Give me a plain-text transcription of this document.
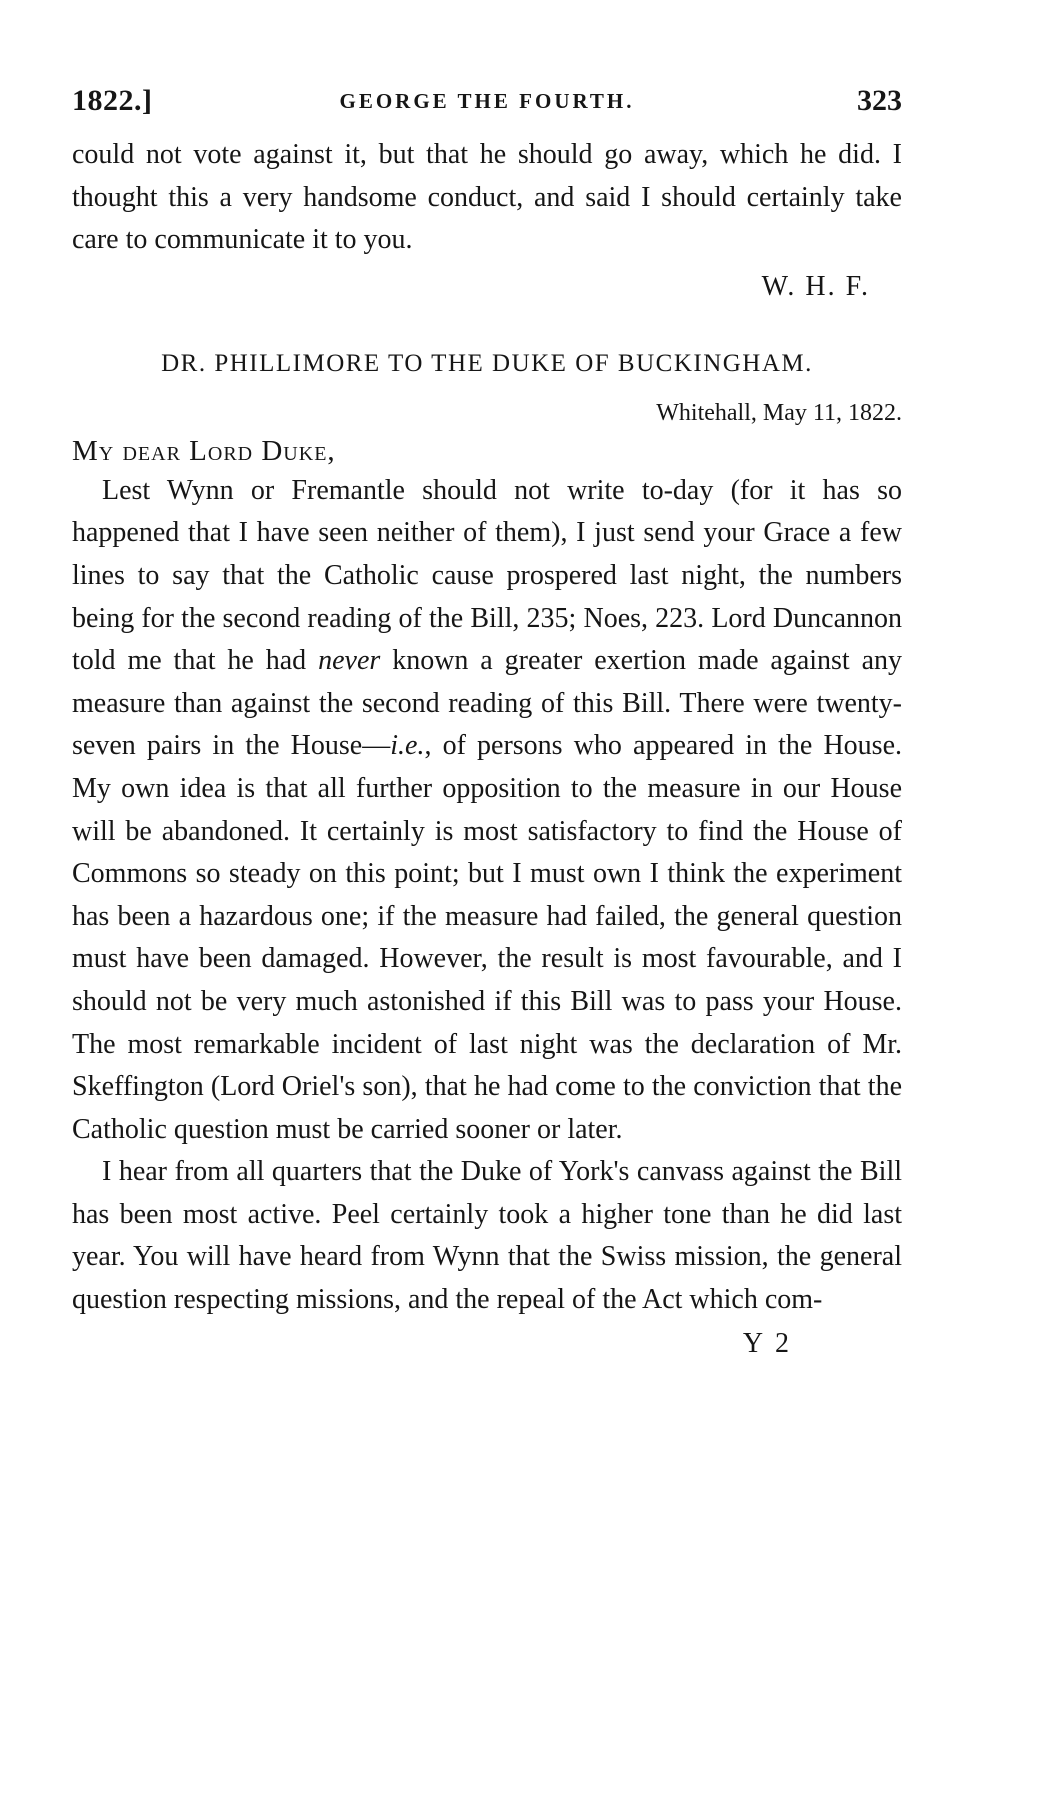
1822.]	GEORGE THE FOURTH.	323

could not vote against it, but that he should go away, which he did. I thought this a very handsome conduct, and said I should certainly take care to communicate it to you.

W. H. F.
DR. PHILLIMORE TO THE DUKE OF BUCKINGHAM.
Whitehall, May 11, 1822.
My dear Lord Duke,

Lest Wynn or Fremantle should not write to-day (for it has so happened that I have seen neither of them), I just send your Grace a few lines to say that the Catholic cause prospered last night, the numbers being for the second reading of the Bill, 235; Noes, 223. Lord Duncannon told me that he had never known a greater exertion made against any measure than against the second reading of this Bill. There were twenty-seven pairs in the House—i.e., of persons who appeared in the House. My own idea is that all further opposition to the measure in our House will be abandoned. It certainly is most satisfactory to find the House of Commons so steady on this point; but I must own I think the experiment has been a hazardous one; if the measure had failed, the general question must have been damaged. However, the result is most favourable, and I should not be very much astonished if this Bill was to pass your House. The most remarkable incident of last night was the declaration of Mr. Skeffington (Lord Oriel's son), that he had come to the conviction that the Catholic question must be carried sooner or later.

I hear from all quarters that the Duke of York's canvass against the Bill has been most active. Peel certainly took a higher tone than he did last year. You will have heard from Wynn that the Swiss mission, the general question respecting missions, and the repeal of the Act which com-

Y 2
